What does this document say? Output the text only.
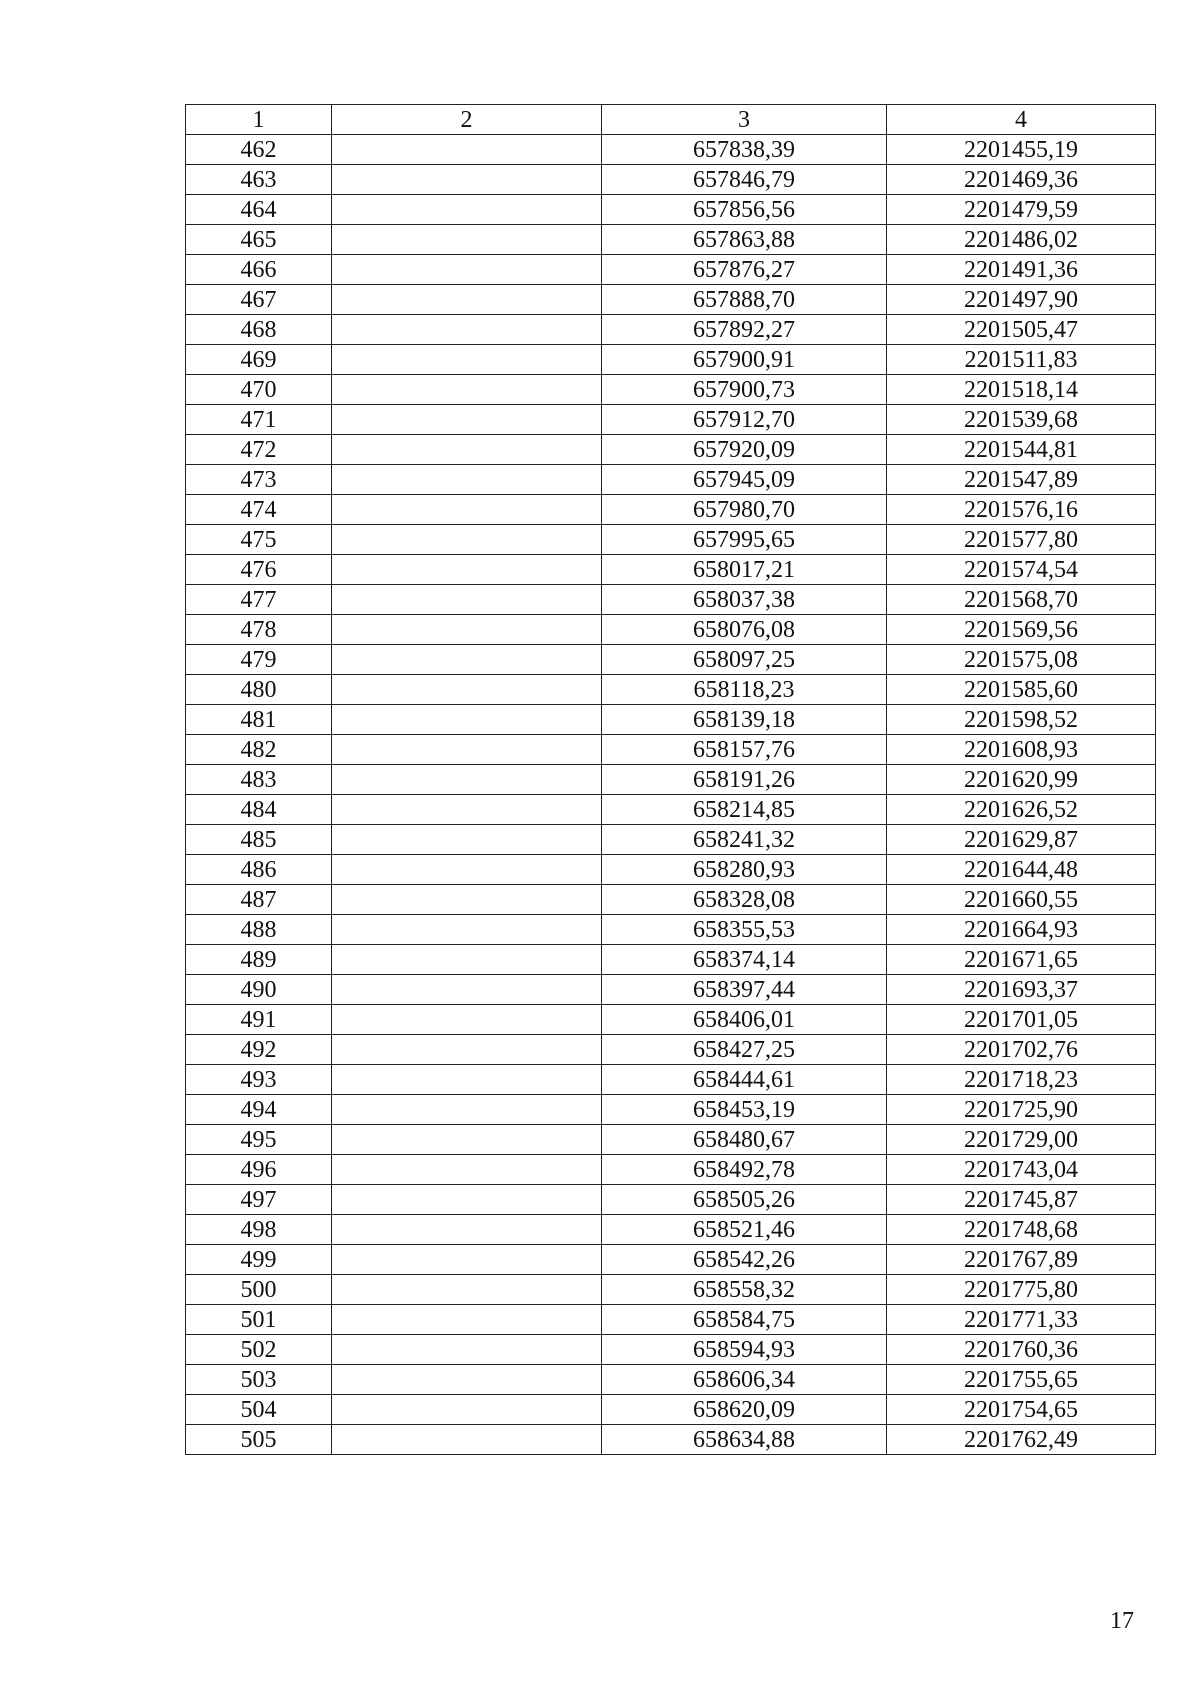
1	2	3	4
462		657838,39	2201455,19
463		657846,79	2201469,36
464		657856,56	2201479,59
465		657863,88	2201486,02
466		657876,27	2201491,36
467		657888,70	2201497,90
468		657892,27	2201505,47
469		657900,91	2201511,83
470		657900,73	2201518,14
471		657912,70	2201539,68
472		657920,09	2201544,81
473		657945,09	2201547,89
474		657980,70	2201576,16
475		657995,65	2201577,80
476		658017,21	2201574,54
477		658037,38	2201568,70
478		658076,08	2201569,56
479		658097,25	2201575,08
480		658118,23	2201585,60
481		658139,18	2201598,52
482		658157,76	2201608,93
483		658191,26	2201620,99
484		658214,85	2201626,52
485		658241,32	2201629,87
486		658280,93	2201644,48
487		658328,08	2201660,55
488		658355,53	2201664,93
489		658374,14	2201671,65
490		658397,44	2201693,37
491		658406,01	2201701,05
492		658427,25	2201702,76
493		658444,61	2201718,23
494		658453,19	2201725,90
495		658480,67	2201729,00
496		658492,78	2201743,04
497		658505,26	2201745,87
498		658521,46	2201748,68
499		658542,26	2201767,89
500		658558,32	2201775,80
501		658584,75	2201771,33
502		658594,93	2201760,36
503		658606,34	2201755,65
504		658620,09	2201754,65
505		658634,88	2201762,49
17
